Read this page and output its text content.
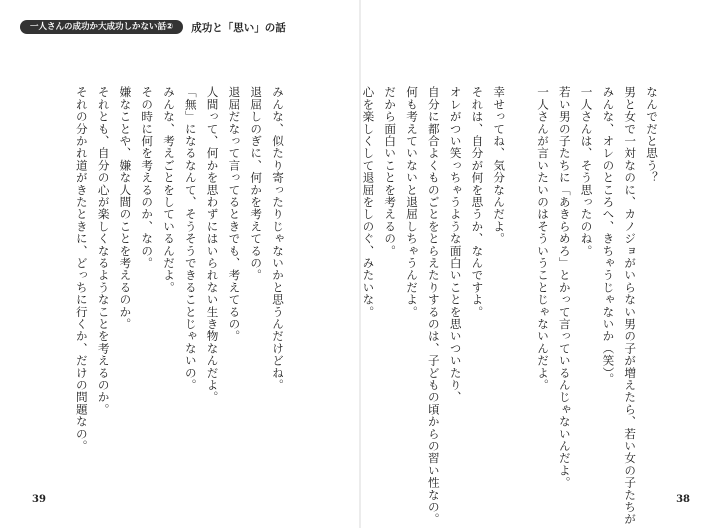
一人さんの成功か大成功しかない話②	成功と「思い」の話
なんでだと思う？
男と女で一対なのに、カノジョがいらない男の子が増えたら、若い女の子たちが
みんな、オレのところへ、きちゃうじゃないか（笑）。
一人さんは、そう思ったのね。
若い男の子たちに「あきらめろ」とかって言っているんじゃないんだよ。
一人さんが言いたいのはそういうことじゃないんだよ。
幸せってね、気分なんだよ。
それは、自分が何を思うか、なんですよ。
オレがつい笑っちゃうような面白いことを思いついたり、
自分に都合よくものごとをとらえたりするのは、子どもの頃からの習い性なの。
何も考えていないと退屈しちゃうんだよ。
だから面白いことを考えるの。
心を楽しくして退屈をしのぐ、みたいな。
みんな、似たり寄ったりじゃないかと思うんだけどね。
退屈しのぎに、何かを考えてるの。
退屈だなって言ってるときでも、考えてるの。
人間って、何かを思わずにはいられない生き物なんだよ。
「無」になるなんて、そうそうできることじゃないの。
みんな、考えごとをしているんだよ。
その時に何を考えるのか、なの。
嫌なことや、嫌な人間のことを考えるのか。
それとも、自分の心が楽しくなるようなことを考えるのか。
それの分かれ道がきたときに、どっちに行くか、だけの問題なの。
39	38
